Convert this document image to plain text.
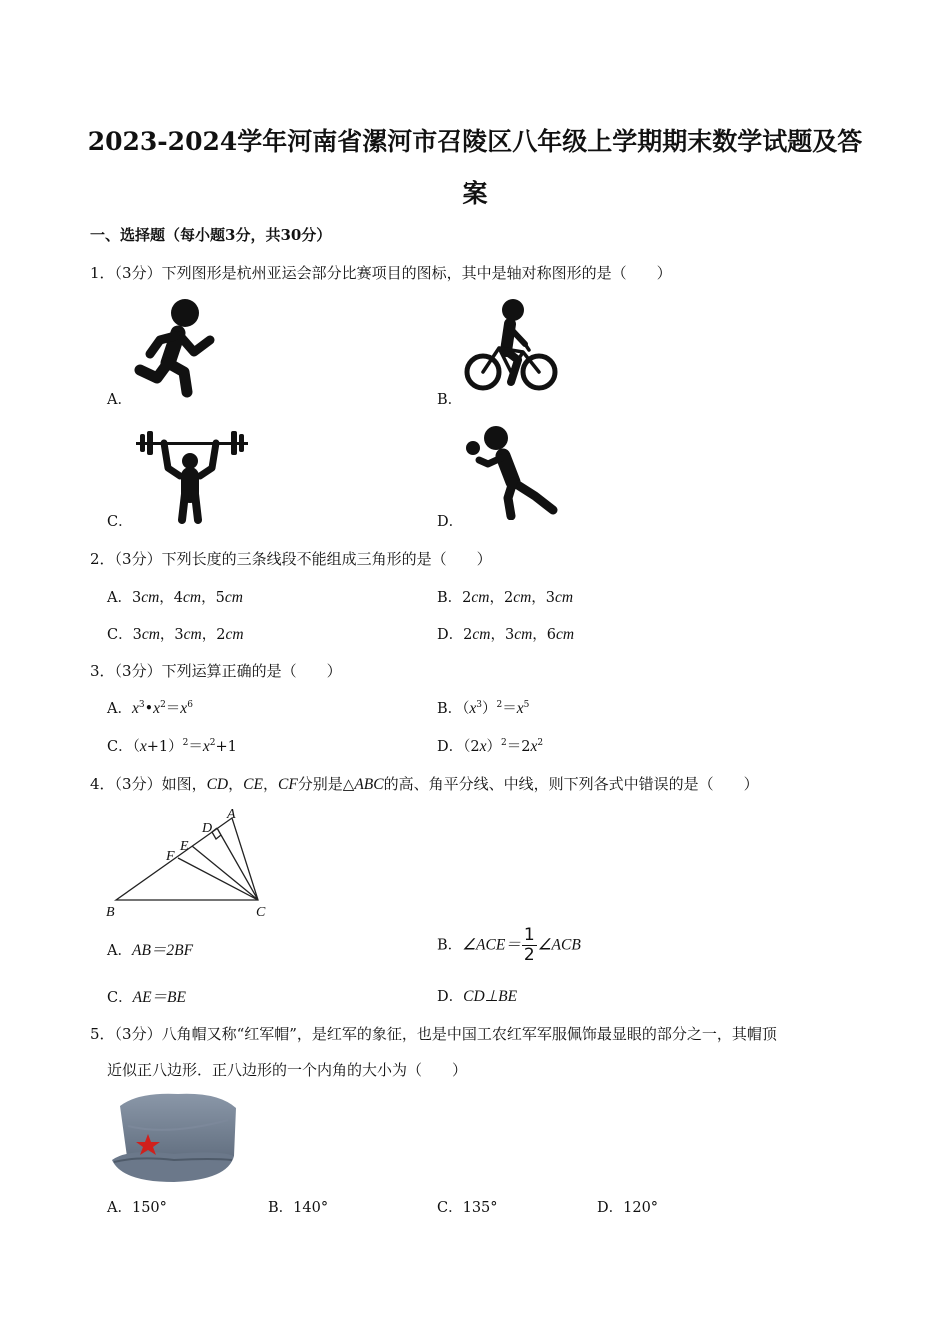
2023-2024学年河南省漯河市召陵区八年级上学期期末数学试题及答
案
一、选择题（每小题3分，共30分）
1．（3分）下列图形是杭州亚运会部分比赛项目的图标，其中是轴对称图形的是（　　）
A．	B．
C．	D．
2．（3分）下列长度的三条线段不能组成三角形的是（　　）
A．3cm，4cm，5cm	B．2cm，2cm，3cm
C．3cm，3cm，2cm	D．2cm，3cm，6cm
3．（3分）下列运算正确的是（　　）
A．$x^3•x^2=x^6$	B．$(x^3)^2=x^5$
C．$(x+1)^2=x^2+1$	D．$(2x)^2=2x^2$
4．（3分）如图，CD，CE，CF分别是△ABC的高、角平分线、中线，则下列各式中错误的是（　　）
A
B	C
D
E
F
A．AB＝2BF	B．∠ACE＝ $\frac{1}{2}$ ∠ACB
C．AE＝BE	D．CD⊥BE
5．（3分）八角帽又称“红军帽”，是红军的象征，也是中国工农红军军服佩饰最显眼的部分之一，其帽顶
近似正八边形．正八边形的一个内角的大小为（　　）
A．150°	B．140°	C．135°	D．120°
